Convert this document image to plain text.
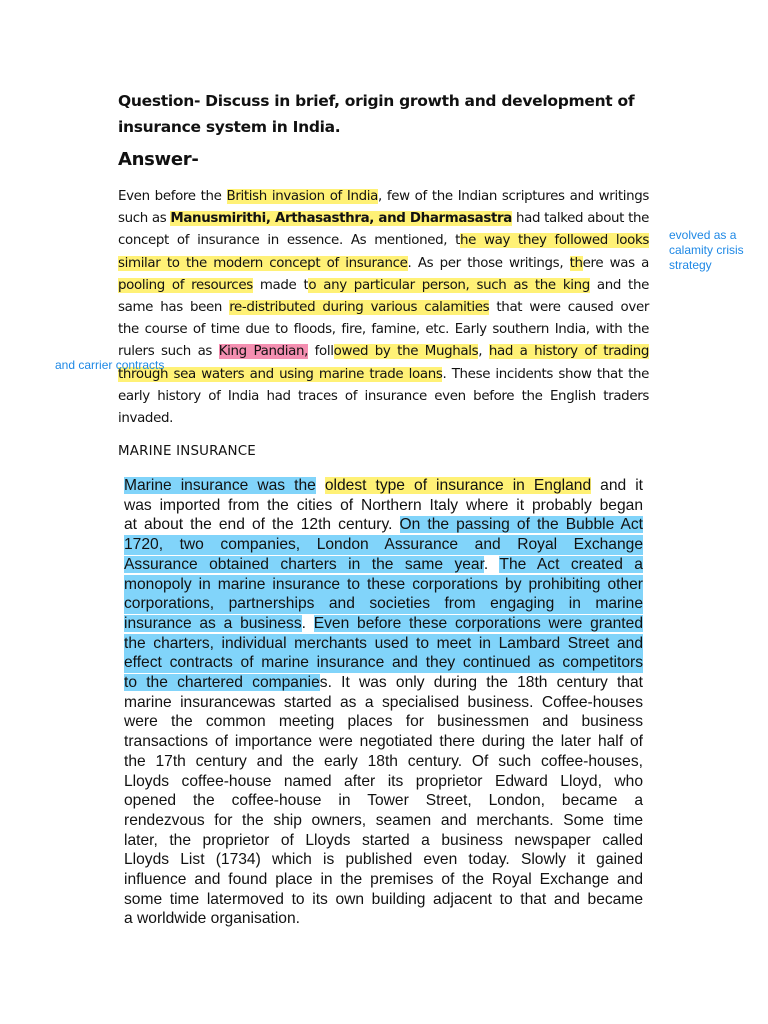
Question- Discuss in brief, origin growth and development of
insurance system in India.
Answer-
Even before the British invasion of India, few of the Indian scriptures and writings
such as Manusmirithi, Arthasasthra, and Dharmasastra had talked about the
concept of insurance in essence. As mentioned, the way they followed looks
similar to the modern concept of insurance. As per those writings, there was a
pooling of resources made to any particular person, such as the king and the
same has been re-distributed during various calamities that were caused over
the course of time due to floods, fire, famine, etc. Early southern India, with the
rulers such as King Pandian, followed by the Mughals, had a history of trading
through sea waters and using marine trade loans. These incidents show that the
early history of India had traces of insurance even before the English traders
invaded.
evolved as a calamity crisis strategy
and carrier contracts
MARINE INSURANCE
Marine insurance was the oldest type of insurance in England and it
was imported from the cities of Northern Italy where it probably began
at about the end of the 12th century. On the passing of the Bubble Act
1720, two companies, London Assurance and Royal Exchange
Assurance obtained charters in the same year. The Act created a
monopoly in marine insurance to these corporations by prohibiting other
corporations, partnerships and societies from engaging in marine
insurance as a business. Even before these corporations were granted
the charters, individual merchants used to meet in Lambard Street and
effect contracts of marine insurance and they continued as competitors
to the chartered companies. It was only during the 18th century that
marine insurancewas started as a specialised business. Coffee-houses
were the common meeting places for businessmen and business
transactions of importance were negotiated there during the later half of
the 17th century and the early 18th century. Of such coffee-houses,
Lloyds coffee-house named after its proprietor Edward Lloyd, who
opened the coffee-house in Tower Street, London, became a
rendezvous for the ship owners, seamen and merchants. Some time
later, the proprietor of Lloyds started a business newspaper called
Lloyds List (1734) which is published even today. Slowly it gained
influence and found place in the premises of the Royal Exchange and
some time latermoved to its own building adjacent to that and became
a worldwide organisation.
